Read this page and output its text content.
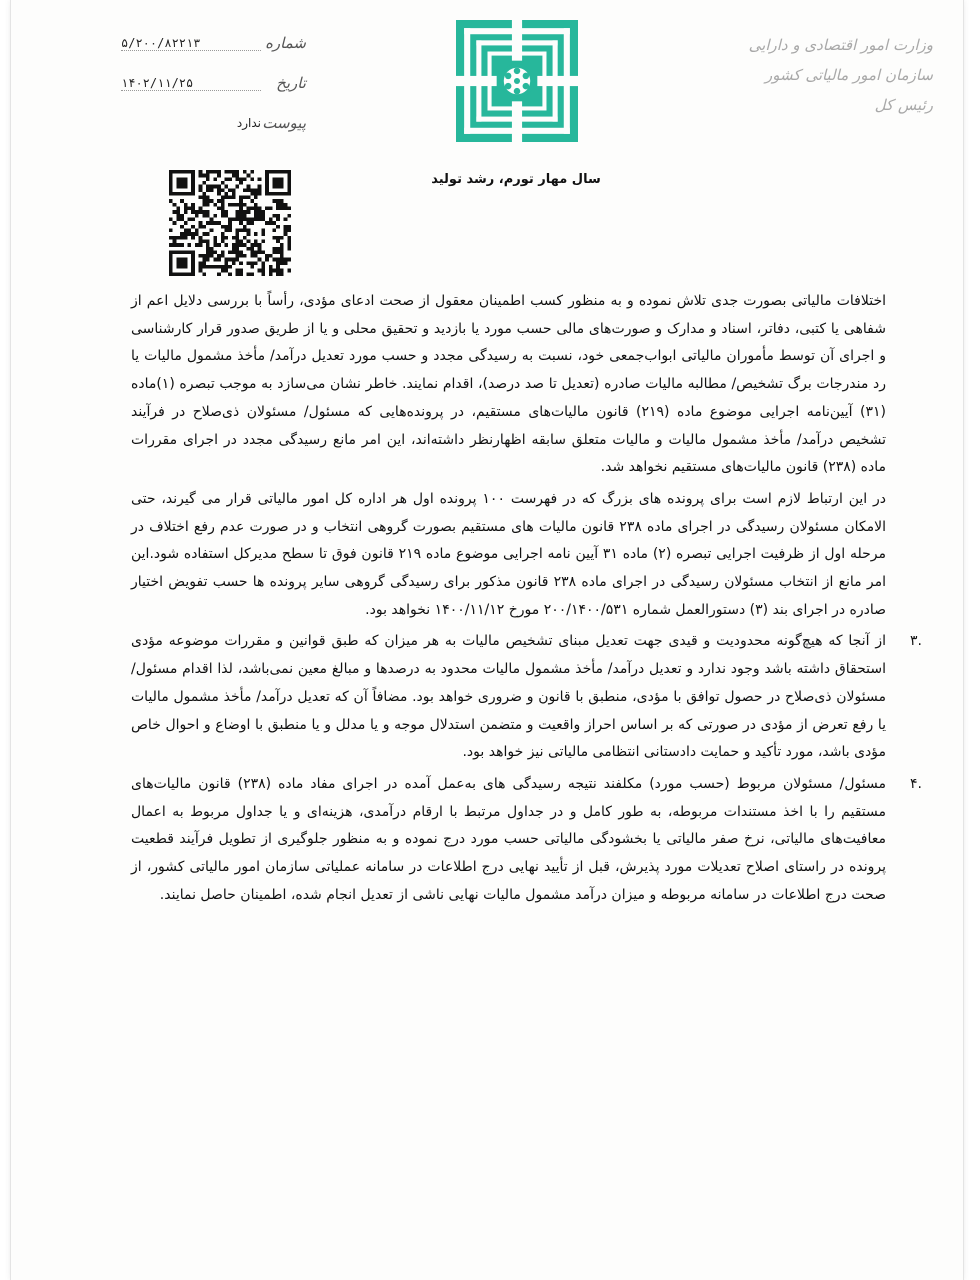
وزارت امور اقتصادی و دارایی
سازمان امور مالیاتی کشور
رئیس کل
سال مهار تورم، رشد تولید
شماره
۵/۲۰۰/۸۲۲۱۳
تاریخ
۱۴۰۲/۱۱/۲۵
پیوست
ندارد

اختلافات مالیاتی بصورت جدی تلاش نموده و به منظور کسب اطمینان معقول از صحت ادعای مؤدی، رأساً با بررسی دلایل اعم از شفاهی یا کتبی، دفاتر، اسناد و مدارک و صورت‌های مالی حسب مورد یا بازدید و تحقیق محلی و یا از طریق صدور قرار کارشناسی و اجرای آن توسط مأموران مالیاتی ابواب‌جمعی خود، نسبت به رسیدگی مجدد و حسب مورد تعدیل درآمد/ مأخذ مشمول مالیات یا رد مندرجات برگ تشخیص/ مطالبه مالیات صادره (تعدیل تا صد درصد)، اقدام نمایند. خاطر نشان می‌سازد به موجب تبصره (۱)ماده (۳۱) آیین‌نامه اجرایی موضوع ماده (۲۱۹) قانون مالیات‌های مستقیم، در پرونده‌هایی که مسئول/ مسئولان ذی‌صلاح در فرآیند تشخیص درآمد/ مأخذ مشمول مالیات و مالیات متعلق سابقه اظهارنظر داشته‌اند، این امر مانع رسیدگی مجدد در اجرای مقررات ماده (۲۳۸) قانون مالیات‌های مستقیم نخواهد شد.

در این ارتباط لازم است برای پرونده های بزرگ که در فهرست ۱۰۰ پرونده اول هر اداره کل امور مالیاتی قرار می گیرند، حتی الامکان مسئولان رسیدگی در اجرای ماده ۲۳۸ قانون مالیات های مستقیم بصورت گروهی انتخاب و در صورت عدم رفع اختلاف در مرحله اول از ظرفیت اجرایی تبصره (۲) ماده ۳۱ آیین نامه اجرایی موضوع ماده ۲۱۹ قانون فوق تا سطح مدیرکل استفاده شود.این امر مانع از انتخاب مسئولان رسیدگی در اجرای ماده ۲۳۸ قانون مذکور برای رسیدگی گروهی سایر پرونده ها حسب تفویض اختیار صادره در اجرای بند (۳) دستورالعمل شماره ۲۰۰/۱۴۰۰/۵۳۱ مورخ ۱۴۰۰/۱۱/۱۲ نخواهد بود.

۳.

از آنجا که هیچ‌گونه محدودیت و قیدی جهت تعدیل مبنای تشخیص مالیات به هر میزان که طبق قوانین و مقررات موضوعه مؤدی استحقاق داشته باشد وجود ندارد و تعدیل درآمد/ مأخذ مشمول مالیات محدود به درصدها و مبالغ معین نمی‌باشد، لذا اقدام مسئول/ مسئولان ذی‌صلاح در حصول توافق با مؤدی، منطبق با قانون و ضروری خواهد بود. مضافاً آن که تعدیل درآمد/ مأخذ مشمول مالیات یا رفع تعرض از مؤدی در صورتی که بر اساس احراز واقعیت و متضمن استدلال موجه و یا مدلل و یا منطبق با اوضاع و احوال خاص مؤدی باشد، مورد تأکید و حمایت دادستانی انتظامی مالیاتی نیز خواهد بود.

۴.

مسئول/ مسئولان مربوط (حسب مورد) مکلفند نتیجه رسیدگی های به‌عمل آمده در اجرای مفاد ماده (۲۳۸) قانون مالیات‌های مستقیم را با اخذ مستندات مربوطه، به طور کامل و در جداول مرتبط با ارقام درآمدی، هزینه‌ای و یا جداول مربوط به اعمال معافیت‌های مالیاتی، نرخ صفر مالیاتی یا بخشودگی مالیاتی حسب مورد درج نموده و به منظور جلوگیری از تطویل فرآیند قطعیت پرونده در راستای اصلاح تعدیلات مورد پذیرش، قبل از تأیید نهایی درج اطلاعات در سامانه عملیاتی سازمان امور مالیاتی کشور، از صحت درج اطلاعات در سامانه مربوطه و میزان درآمد مشمول مالیات نهایی ناشی از تعدیل انجام شده، اطمینان حاصل نمایند.
